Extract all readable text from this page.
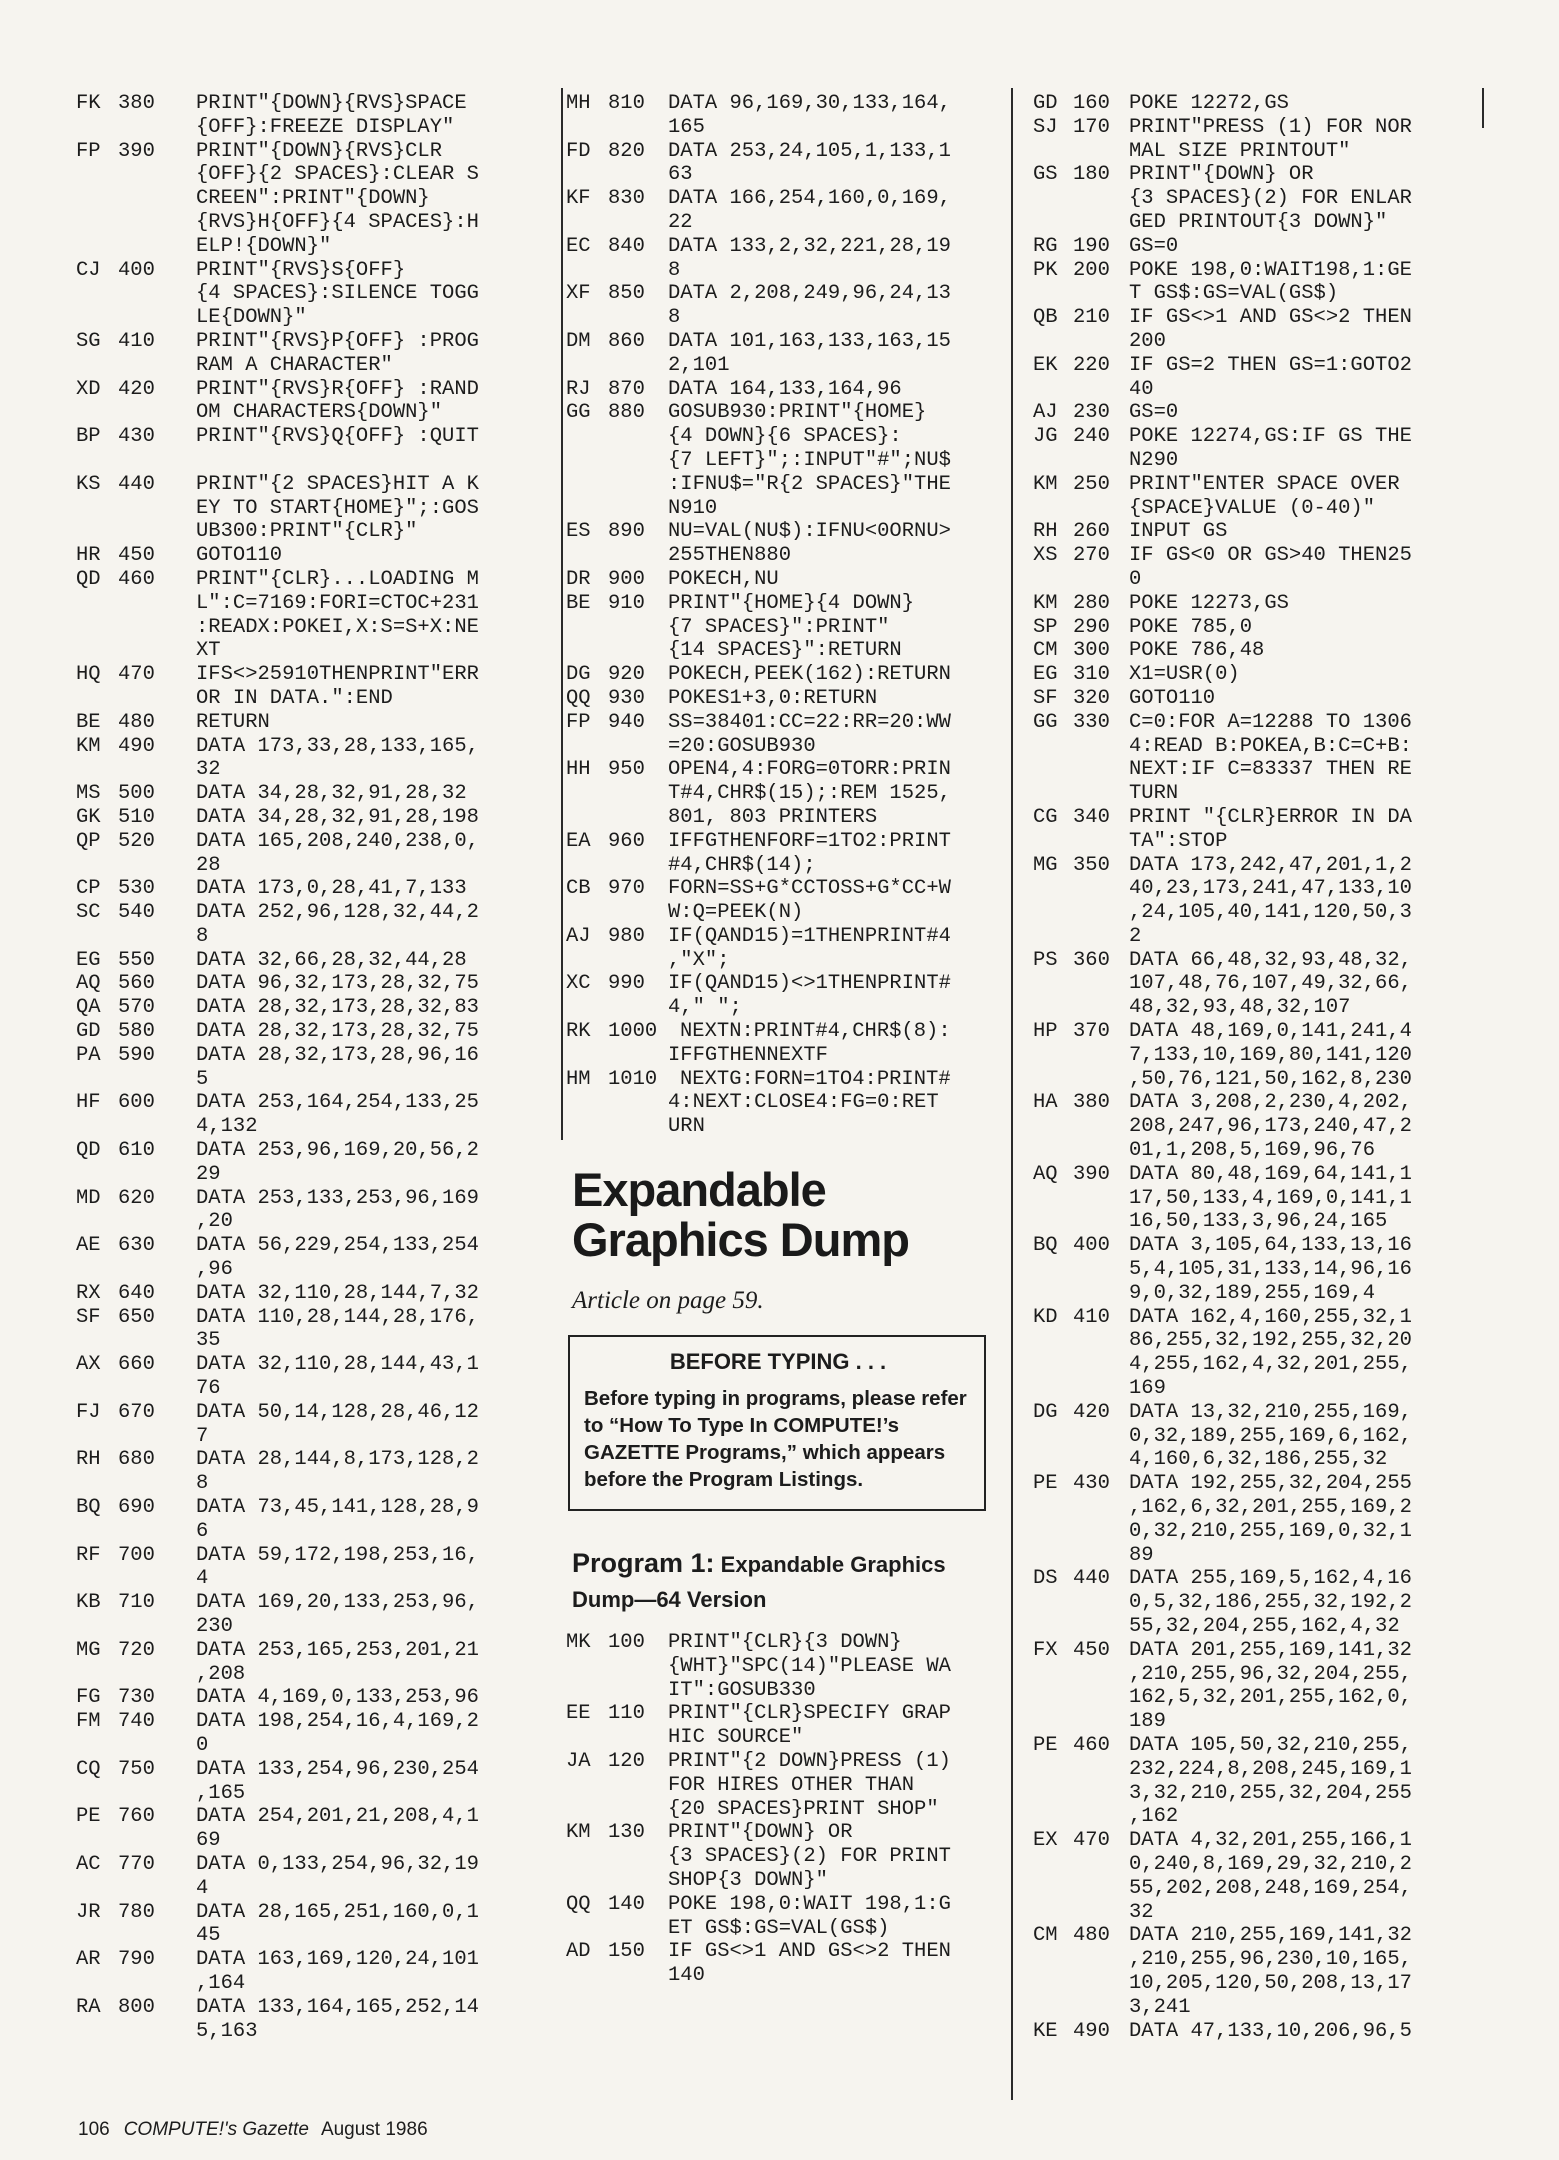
FK 380	PRINT"{DOWN}{RVS}SPACE
{OFF}:FREEZE DISPLAY"
FP 390	PRINT"{DOWN}{RVS}CLR
{OFF}{2 SPACES}:CLEAR S
CREEN":PRINT"{DOWN}
{RVS}H{OFF}{4 SPACES}:H
ELP!{DOWN}"
CJ 400	PRINT"{RVS}S{OFF}
{4 SPACES}:SILENCE TOGG
LE{DOWN}"
SG 410	PRINT"{RVS}P{OFF} :PROG
RAM A CHARACTER"
XD 420	PRINT"{RVS}R{OFF} :RAND
OM CHARACTERS{DOWN}"
BP 430	PRINT"{RVS}Q{OFF} :QUIT
KS 440	PRINT"{2 SPACES}HIT A K
EY TO START{HOME}";:GOS
UB300:PRINT"{CLR}"
HR 450	GOTO110
QD 460	PRINT"{CLR}...LOADING M
L":C=7169:FORI=CTOC+231
:READX:POKEI,X:S=S+X:NE
XT
HQ 470	IFS<>25910THENPRINT"ERR
OR IN DATA.":END
BE 480	RETURN
KM 490	DATA 173,33,28,133,165,
32
MS 500	DATA 34,28,32,91,28,32
GK 510	DATA 34,28,32,91,28,198
QP 520	DATA 165,208,240,238,0,
28
CP 530	DATA 173,0,28,41,7,133
SC 540	DATA 252,96,128,32,44,2
8
EG 550	DATA 32,66,28,32,44,28
AQ 560	DATA 96,32,173,28,32,75
QA 570	DATA 28,32,173,28,32,83
GD 580	DATA 28,32,173,28,32,75
PA 590	DATA 28,32,173,28,96,16
5
HF 600	DATA 253,164,254,133,25
4,132
QD 610	DATA 253,96,169,20,56,2
29
MD 620	DATA 253,133,253,96,169
,20
AE 630	DATA 56,229,254,133,254
,96
RX 640	DATA 32,110,28,144,7,32
SF 650	DATA 110,28,144,28,176,
35
AX 660	DATA 32,110,28,144,43,1
76
FJ 670	DATA 50,14,128,28,46,12
7
RH 680	DATA 28,144,8,173,128,2
8
BQ 690	DATA 73,45,141,128,28,9
6
RF 700	DATA 59,172,198,253,16,
4
KB 710	DATA 169,20,133,253,96,
230
MG 720	DATA 253,165,253,201,21
,208
FG 730	DATA 4,169,0,133,253,96
FM 740	DATA 198,254,16,4,169,2
0
CQ 750	DATA 133,254,96,230,254
,165
PE 760	DATA 254,201,21,208,4,1
69
AC 770	DATA 0,133,254,96,32,19
4
JR 780	DATA 28,165,251,160,0,1
45
AR 790	DATA 163,169,120,24,101
,164
RA 800	DATA 133,164,165,252,14
5,163
MH 810	DATA 96,169,30,133,164,
165
FD 820	DATA 253,24,105,1,133,1
63
KF 830	DATA 166,254,160,0,169,
22
EC 840	DATA 133,2,32,221,28,19
8
XF 850	DATA 2,208,249,96,24,13
8
DM 860	DATA 101,163,133,163,15
2,101
RJ 870	DATA 164,133,164,96
GG 880	GOSUB930:PRINT"{HOME}
{4 DOWN}{6 SPACES}:
{7 LEFT}";:INPUT"#";NU$
:IFNU$="R{2 SPACES}"THE
N910
ES 890	NU=VAL(NU$):IFNU<0ORNU>
255THEN880
DR 900	POKECH,NU
BE 910	PRINT"{HOME}{4 DOWN}
{7 SPACES}":PRINT"
{14 SPACES}":RETURN
DG 920	POKECH,PEEK(162):RETURN
QQ 930	POKES1+3,0:RETURN
FP 940	SS=38401:CC=22:RR=20:WW
=20:GOSUB930
HH 950	OPEN4,4:FORG=0TORR:PRIN
T#4,CHR$(15);:REM 1525,
801, 803 PRINTERS
EA 960	IFFGTHENFORF=1TO2:PRINT
#4,CHR$(14);
CB 970	FORN=SS+G*CCTOSS+G*CC+W
W:Q=PEEK(N)
AJ 980	IF(QAND15)=1THENPRINT#4
,"X";
XC 990	IF(QAND15)<>1THENPRINT#
4," ";
RK 1000	NEXTN:PRINT#4,CHR$(8):
IFFGTHENNEXTF
HM 1010	NEXTG:FORN=1TO4:PRINT#
4:NEXT:CLOSE4:FG=0:RET
URN
Expandable
Graphics Dump
Article on page 59.
BEFORE TYPING . . .
Before typing in programs, please refer to “How To Type In COMPUTE!’s GAZETTE Programs,” which appears before the Program Listings.
Program 1: Expandable Graphics Dump—64 Version
MK 100	PRINT"{CLR}{3 DOWN}
{WHT}"SPC(14)"PLEASE WA
IT":GOSUB330
EE 110	PRINT"{CLR}SPECIFY GRAP
HIC SOURCE"
JA 120	PRINT"{2 DOWN}PRESS (1)
FOR HIRES OTHER THAN
{20 SPACES}PRINT SHOP"
KM 130	PRINT"{DOWN} OR
{3 SPACES}(2) FOR PRINT
SHOP{3 DOWN}"
QQ 140	POKE 198,0:WAIT 198,1:G
ET GS$:GS=VAL(GS$)
AD 150	IF GS<>1 AND GS<>2 THEN
140
GD 160 POKE 12272,GS
SJ 170 PRINT"PRESS (1) FOR NOR
MAL SIZE PRINTOUT"
GS 180 PRINT"{DOWN} OR
{3 SPACES}(2) FOR ENLAR
GED PRINTOUT{3 DOWN}"
RG 190 GS=0
PK 200 POKE 198,0:WAIT198,1:GE
T GS$:GS=VAL(GS$)
QB 210 IF GS<>1 AND GS<>2 THEN
200
EK 220 IF GS=2 THEN GS=1:GOTO2
40
AJ 230 GS=0
JG 240 POKE 12274,GS:IF GS THE
N290
KM 250 PRINT"ENTER SPACE OVER
{SPACE}VALUE (0-40)"
RH 260 INPUT GS
XS 270 IF GS<0 OR GS>40 THEN25
0
KM 280 POKE 12273,GS
SP 290 POKE 785,0
CM 300 POKE 786,48
EG 310 X1=USR(0)
SF 320 GOTO110
GG 330 C=0:FOR A=12288 TO 1306
4:READ B:POKEA,B:C=C+B:
NEXT:IF C=83337 THEN RE
TURN
CG 340 PRINT "{CLR}ERROR IN DA
TA":STOP
MG 350 DATA 173,242,47,201,1,2
40,23,173,241,47,133,10
,24,105,40,141,120,50,3
2
PS 360 DATA 66,48,32,93,48,32,
107,48,76,107,49,32,66,
48,32,93,48,32,107
HP 370 DATA 48,169,0,141,241,4
7,133,10,169,80,141,120
,50,76,121,50,162,8,230
HA 380 DATA 3,208,2,230,4,202,
208,247,96,173,240,47,2
01,1,208,5,169,96,76
AQ 390 DATA 80,48,169,64,141,1
17,50,133,4,169,0,141,1
16,50,133,3,96,24,165
BQ 400 DATA 3,105,64,133,13,16
5,4,105,31,133,14,96,16
9,0,32,189,255,169,4
KD 410 DATA 162,4,160,255,32,1
86,255,32,192,255,32,20
4,255,162,4,32,201,255,
169
DG 420 DATA 13,32,210,255,169,
0,32,189,255,169,6,162,
4,160,6,32,186,255,32
PE 430 DATA 192,255,32,204,255
,162,6,32,201,255,169,2
0,32,210,255,169,0,32,1
89
DS 440 DATA 255,169,5,162,4,16
0,5,32,186,255,32,192,2
55,32,204,255,162,4,32
FX 450 DATA 201,255,169,141,32
,210,255,96,32,204,255,
162,5,32,201,255,162,0,
189
PE 460 DATA 105,50,32,210,255,
232,224,8,208,245,169,1
3,32,210,255,32,204,255
,162
EX 470 DATA 4,32,201,255,166,1
0,240,8,169,29,32,210,2
55,202,208,248,169,254,
32
CM 480 DATA 210,255,169,141,32
,210,255,96,230,10,165,
10,205,120,50,208,13,17
3,241
KE 490 DATA 47,133,10,206,96,5
106 COMPUTE!'s Gazette August 1986
